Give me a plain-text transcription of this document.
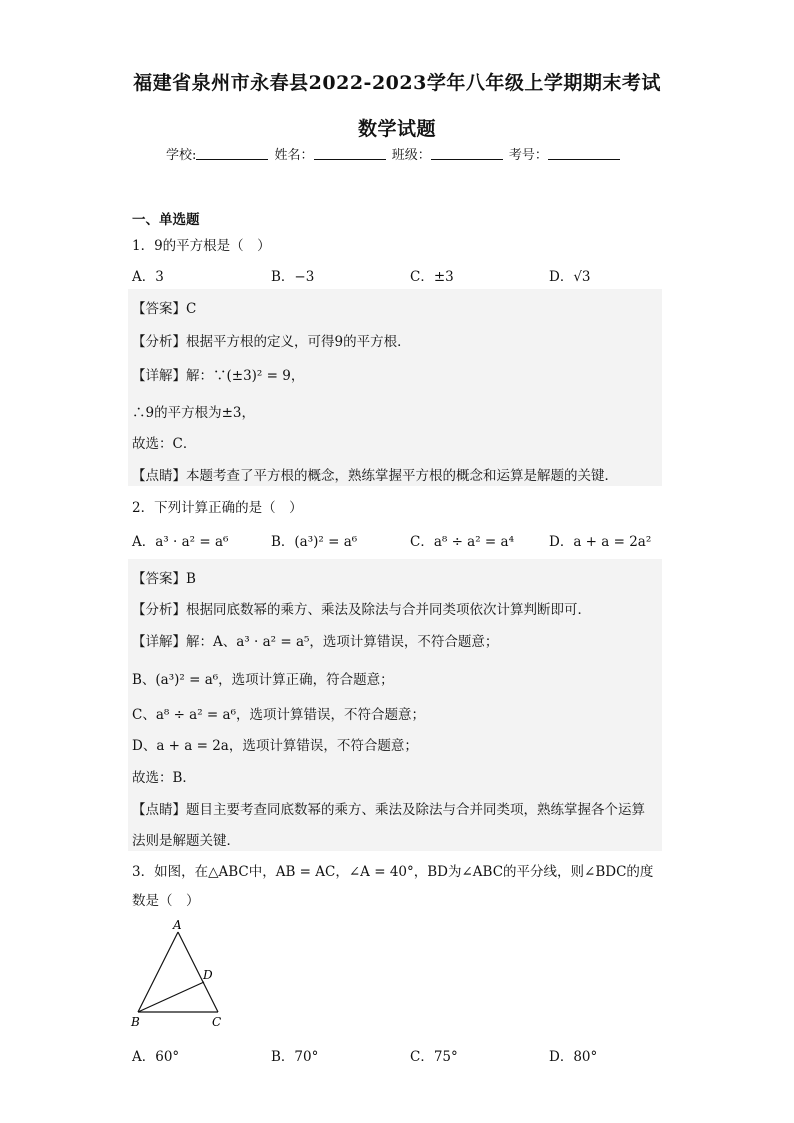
福建省泉州市永春县2022-2023学年八年级上学期期末考试
数学试题
学校:	姓名：	班级：	考号：
一、单选题
1．9的平方根是（　）
A．3	B．−3	C．±3	D．√3
【答案】C
【分析】根据平方根的定义，可得9的平方根．
【详解】解：∵(±3)² = 9，
∴9的平方根为±3，
故选：C．
【点睛】本题考查了平方根的概念，熟练掌握平方根的概念和运算是解题的关键．
2．下列计算正确的是（　）
A．a³ · a² = a⁶	B．(a³)² = a⁶	C．a⁸ ÷ a² = a⁴	D．a + a = 2a²
【答案】B
【分析】根据同底数幂的乘方、乘法及除法与合并同类项依次计算判断即可．
【详解】解：A、a³ · a² = a⁵，选项计算错误，不符合题意；
B、(a³)² = a⁶，选项计算正确，符合题意；
C、a⁸ ÷ a² = a⁶，选项计算错误，不符合题意；
D、a + a = 2a，选项计算错误，不符合题意；
故选：B．
【点睛】题目主要考查同底数幂的乘方、乘法及除法与合并同类项，熟练掌握各个运算
法则是解题关键．
3．如图，在△ABC中，AB = AC，∠A = 40°，BD为∠ABC的平分线，则∠BDC的度
数是（　）
A
D
B	C
A．60°	B．70°	C．75°	D．80°
